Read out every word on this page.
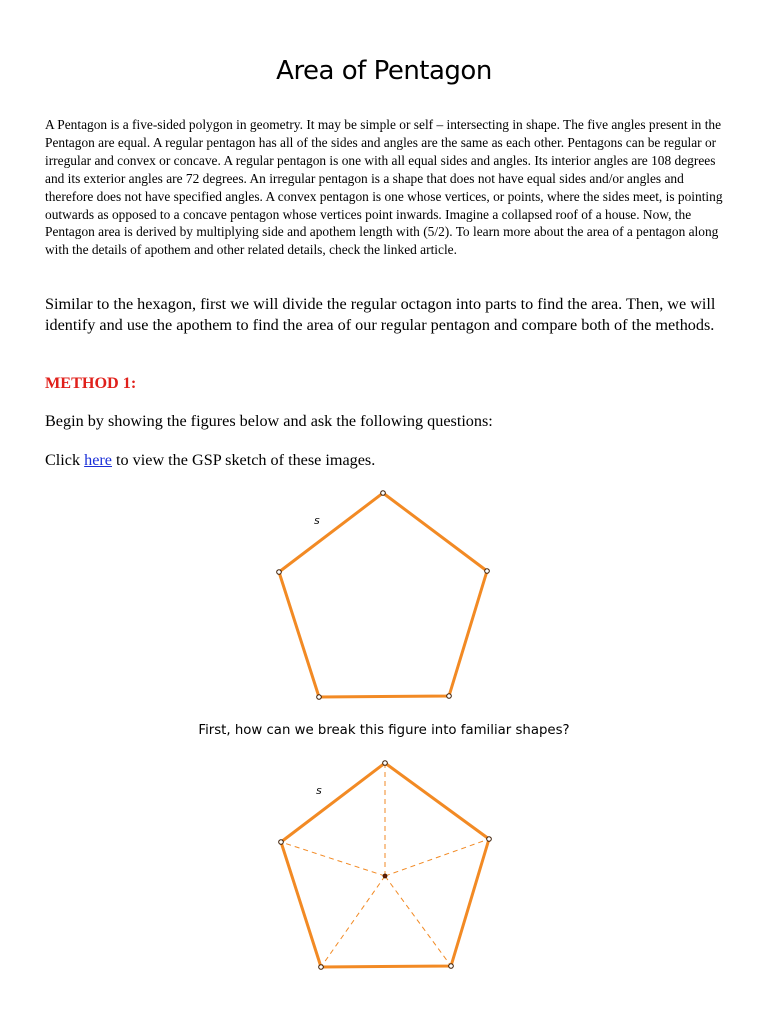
Area of Pentagon

A Pentagon is a five-sided polygon in geometry. It may be simple or self – intersecting in shape. The five angles present in the Pentagon are equal. A regular pentagon has all of the sides and angles are the same as each other. Pentagons can be regular or irregular and convex or concave. A regular pentagon is one with all equal sides and angles. Its interior angles are 108 degrees and its exterior angles are 72 degrees. An irregular pentagon is a shape that does not have equal sides and/or angles and therefore does not have specified angles. A convex pentagon is one whose vertices, or points, where the sides meet, is pointing outwards as opposed to a concave pentagon whose vertices point inwards. Imagine a collapsed roof of a house. Now, the Pentagon area is derived by multiplying side and apothem length with (5/2). To learn more about the area of a pentagon along with the details of apothem and other related details, check the linked article.

Similar to the hexagon, first we will divide the regular octagon into parts to find the area. Then, we will identify and use the apothem to find the area of our regular pentagon and compare both of the methods.

METHOD 1:

Begin by showing the figures below and ask the following questions:

Click here to view the GSP sketch of these images.

s

First, how can we break this figure into familiar shapes?

s
